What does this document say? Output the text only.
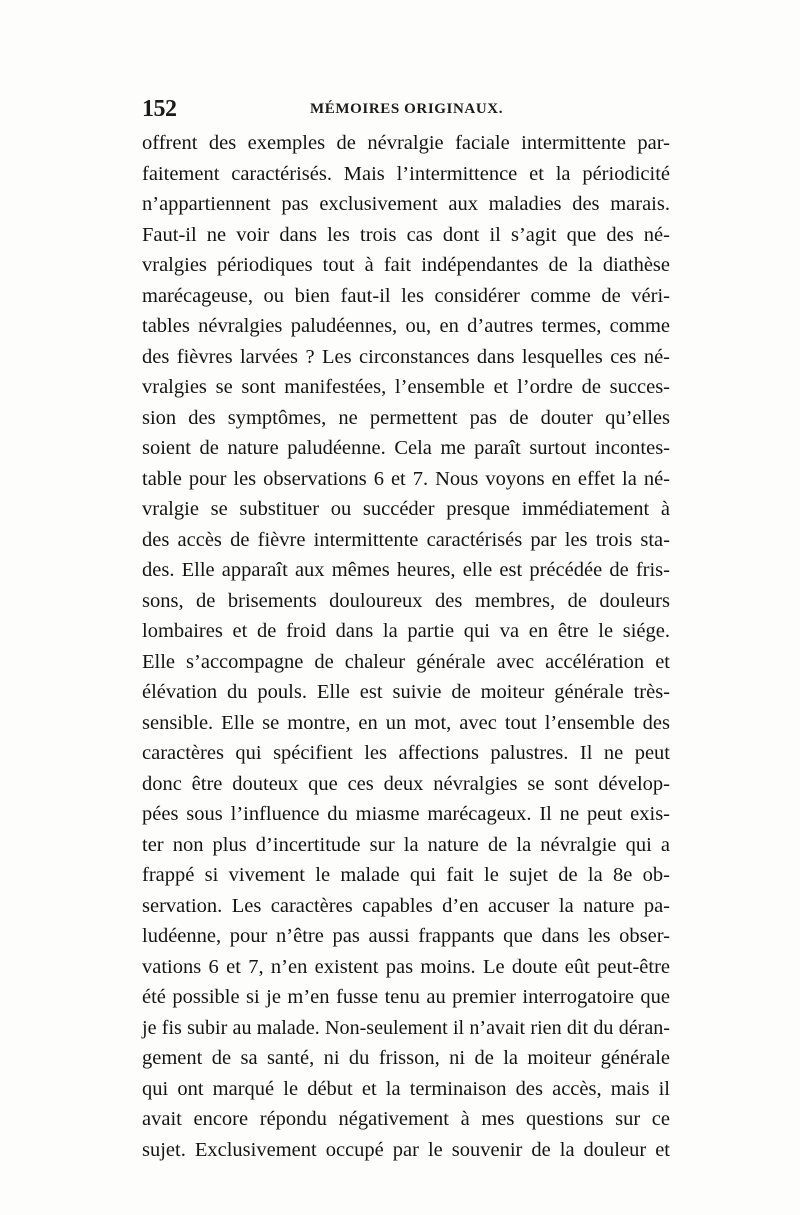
152	MÉMOIRES ORIGINAUX.
offrent des exemples de névralgie faciale intermittente par-
faitement caractérisés. Mais l’intermittence et la périodicité
n’appartiennent pas exclusivement aux maladies des marais.
Faut-il ne voir dans les trois cas dont il s’agit que des né-
vralgies périodiques tout à fait indépendantes de la diathèse
marécageuse, ou bien faut-il les considérer comme de véri-
tables névralgies paludéennes, ou, en d’autres termes, comme
des fièvres larvées ? Les circonstances dans lesquelles ces né-
vralgies se sont manifestées, l’ensemble et l’ordre de succes-
sion des symptômes, ne permettent pas de douter qu’elles
soient de nature paludéenne. Cela me paraît surtout incontes-
table pour les observations 6 et 7. Nous voyons en effet la né-
vralgie se substituer ou succéder presque immédiatement à
des accès de fièvre intermittente caractérisés par les trois sta-
des. Elle apparaît aux mêmes heures, elle est précédée de fris-
sons, de brisements douloureux des membres, de douleurs
lombaires et de froid dans la partie qui va en être le siége.
Elle s’accompagne de chaleur générale avec accélération et
élévation du pouls. Elle est suivie de moiteur générale très-
sensible. Elle se montre, en un mot, avec tout l’ensemble des
caractères qui spécifient les affections palustres. Il ne peut
donc être douteux que ces deux névralgies se sont dévelop-
pées sous l’influence du miasme marécageux. Il ne peut exis-
ter non plus d’incertitude sur la nature de la névralgie qui a
frappé si vivement le malade qui fait le sujet de la 8e ob-
servation. Les caractères capables d’en accuser la nature pa-
ludéenne, pour n’être pas aussi frappants que dans les obser-
vations 6 et 7, n’en existent pas moins. Le doute eût peut-être
été possible si je m’en fusse tenu au premier interrogatoire que
je fis subir au malade. Non-seulement il n’avait rien dit du déran-
gement de sa santé, ni du frisson, ni de la moiteur générale
qui ont marqué le début et la terminaison des accès, mais il
avait encore répondu négativement à mes questions sur ce
sujet. Exclusivement occupé par le souvenir de la douleur et
